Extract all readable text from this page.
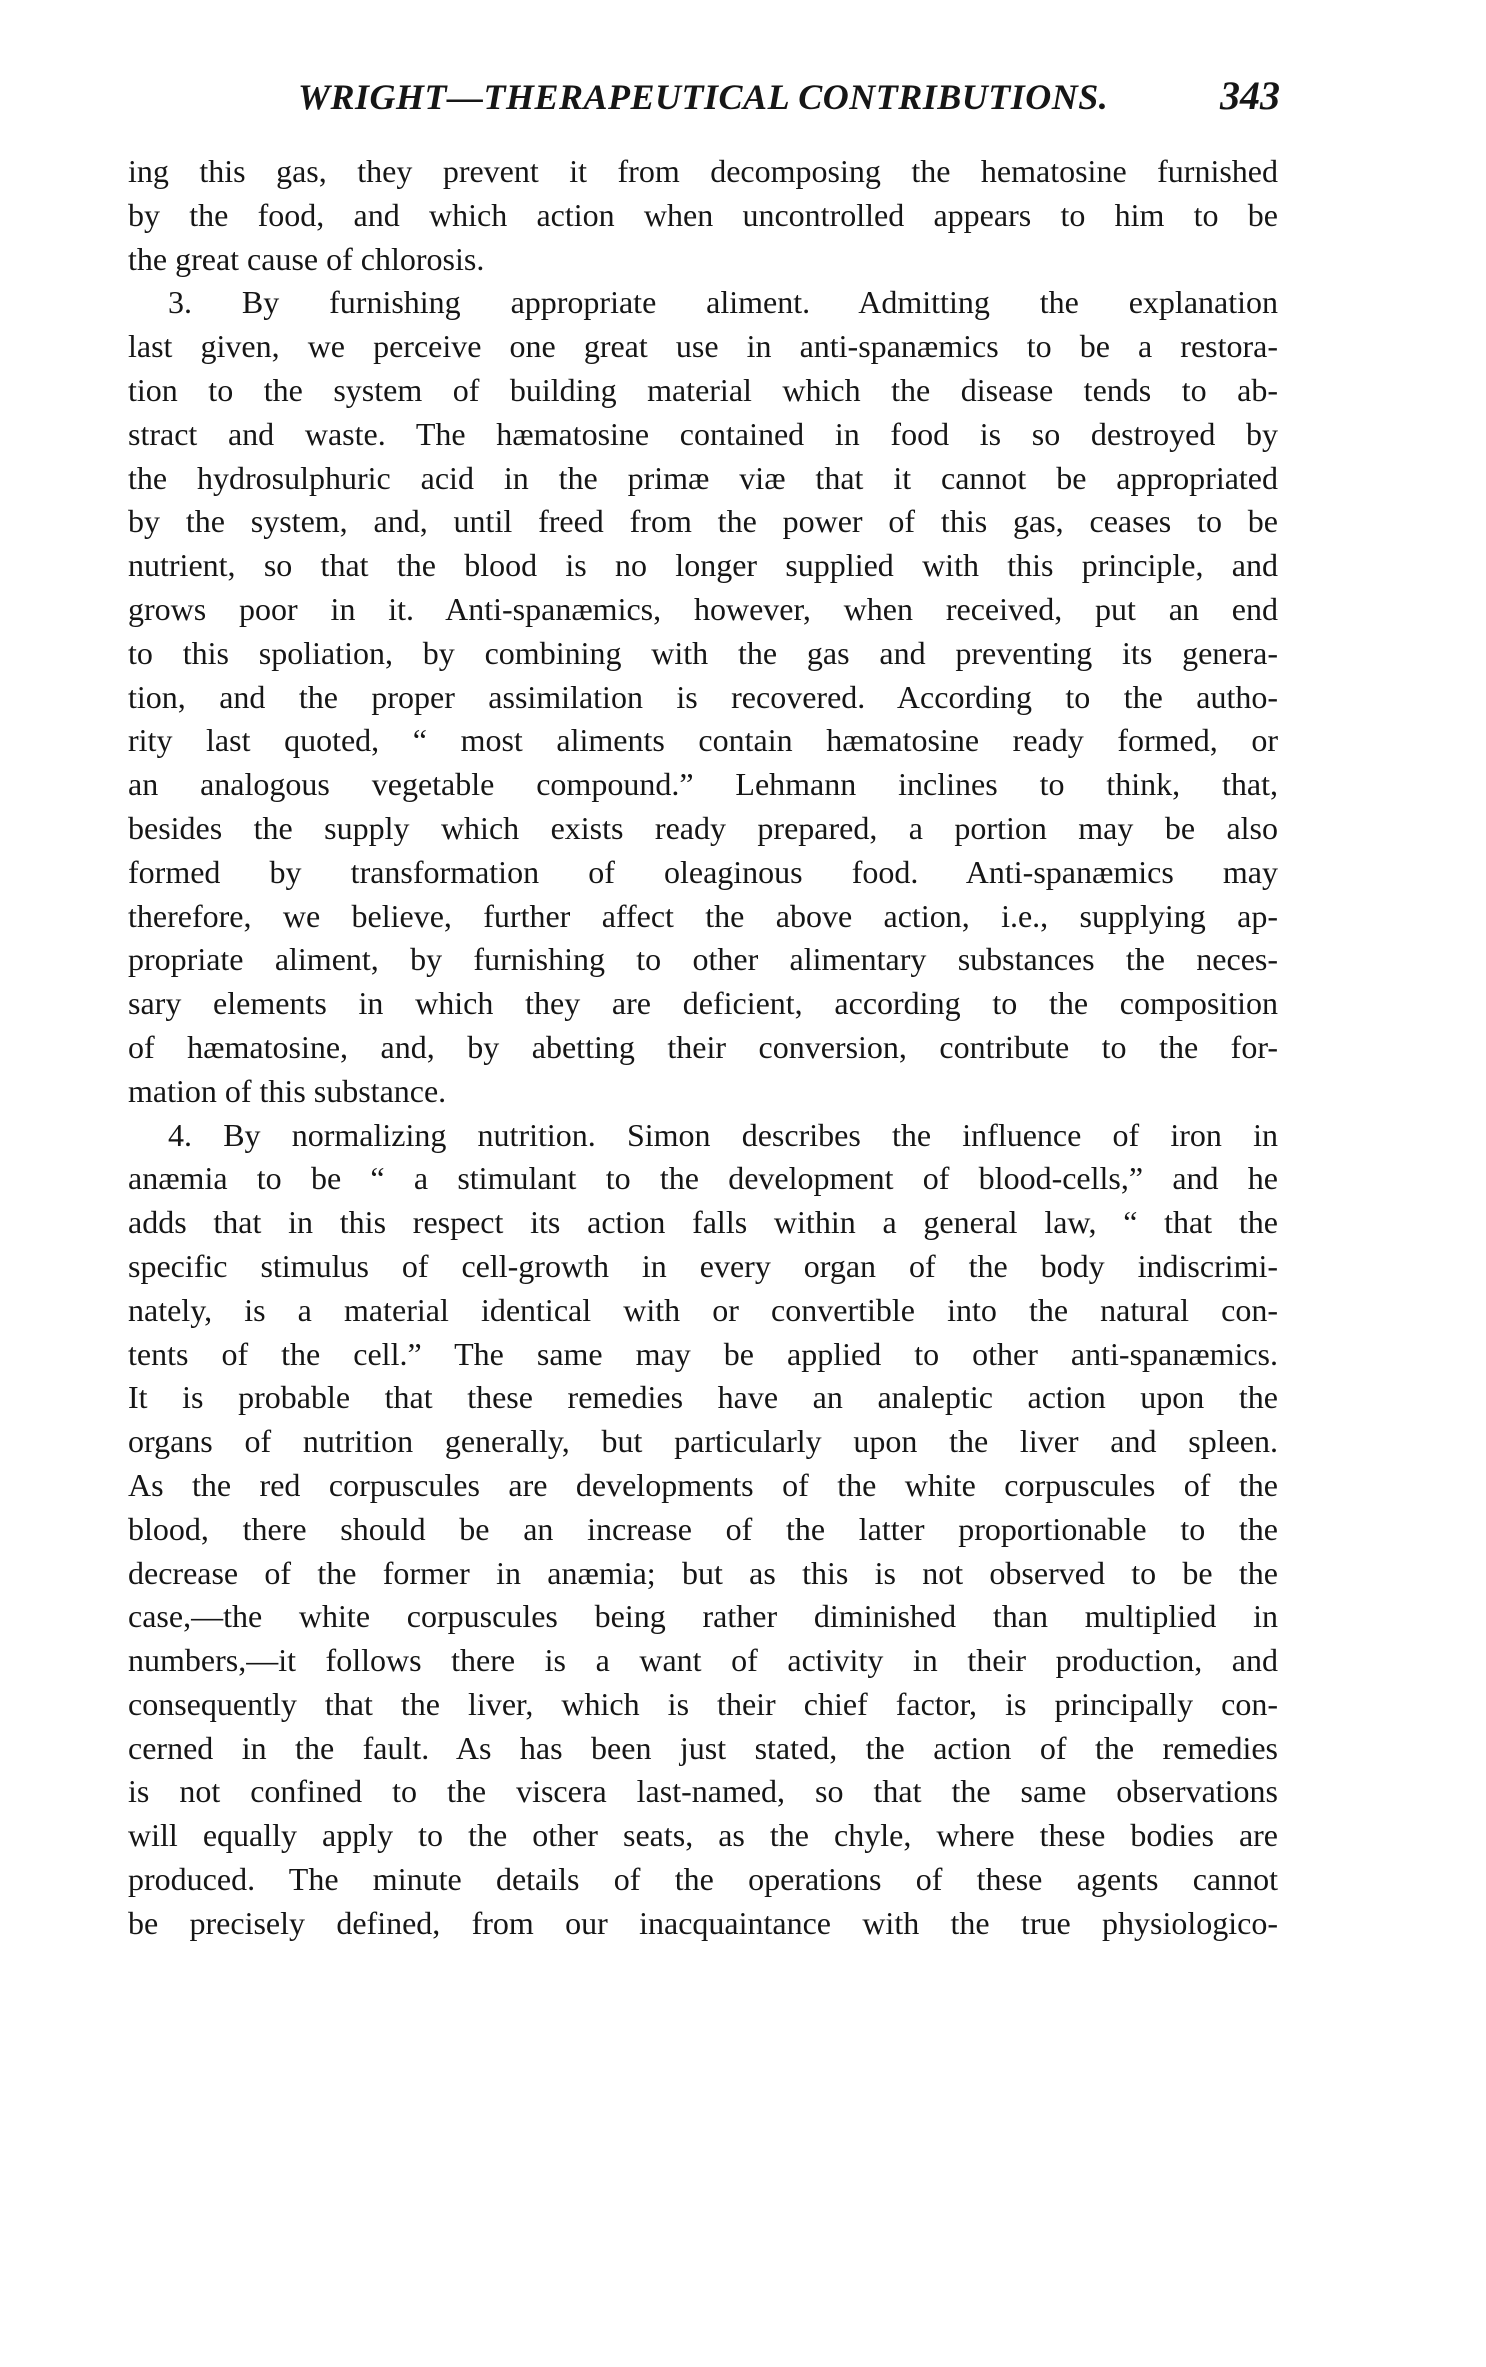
WRIGHT—THERAPEUTICAL CONTRIBUTIONS.	343
ing this gas, they prevent it from decomposing the hematosine furnished
by the food, and which action when uncontrolled appears to him to be
the great cause of chlorosis.
3. By furnishing appropriate aliment. Admitting the explanation
last given, we perceive one great use in anti-spanæmics to be a restora-
tion to the system of building material which the disease tends to ab-
stract and waste. The hæmatosine contained in food is so destroyed by
the hydrosulphuric acid in the primæ viæ that it cannot be appropriated
by the system, and, until freed from the power of this gas, ceases to be
nutrient, so that the blood is no longer supplied with this principle, and
grows poor in it. Anti-spanæmics, however, when received, put an end
to this spoliation, by combining with the gas and preventing its genera-
tion, and the proper assimilation is recovered. According to the autho-
rity last quoted, “ most aliments contain hæmatosine ready formed, or
an analogous vegetable compound.” Lehmann inclines to think, that,
besides the supply which exists ready prepared, a portion may be also
formed by transformation of oleaginous food. Anti-spanæmics may
therefore, we believe, further affect the above action, i.e., supplying ap-
propriate aliment, by furnishing to other alimentary substances the neces-
sary elements in which they are deficient, according to the composition
of hæmatosine, and, by abetting their conversion, contribute to the for-
mation of this substance.
4. By normalizing nutrition. Simon describes the influence of iron in
anæmia to be “ a stimulant to the development of blood-cells,” and he
adds that in this respect its action falls within a general law, “ that the
specific stimulus of cell-growth in every organ of the body indiscrimi-
nately, is a material identical with or convertible into the natural con-
tents of the cell.” The same may be applied to other anti-spanæmics.
It is probable that these remedies have an analeptic action upon the
organs of nutrition generally, but particularly upon the liver and spleen.
As the red corpuscules are developments of the white corpuscules of the
blood, there should be an increase of the latter proportionable to the
decrease of the former in anæmia; but as this is not observed to be the
case,—the white corpuscules being rather diminished than multiplied in
numbers,—it follows there is a want of activity in their production, and
consequently that the liver, which is their chief factor, is principally con-
cerned in the fault. As has been just stated, the action of the remedies
is not confined to the viscera last-named, so that the same observations
will equally apply to the other seats, as the chyle, where these bodies are
produced. The minute details of the operations of these agents cannot
be precisely defined, from our inacquaintance with the true physiologico-
